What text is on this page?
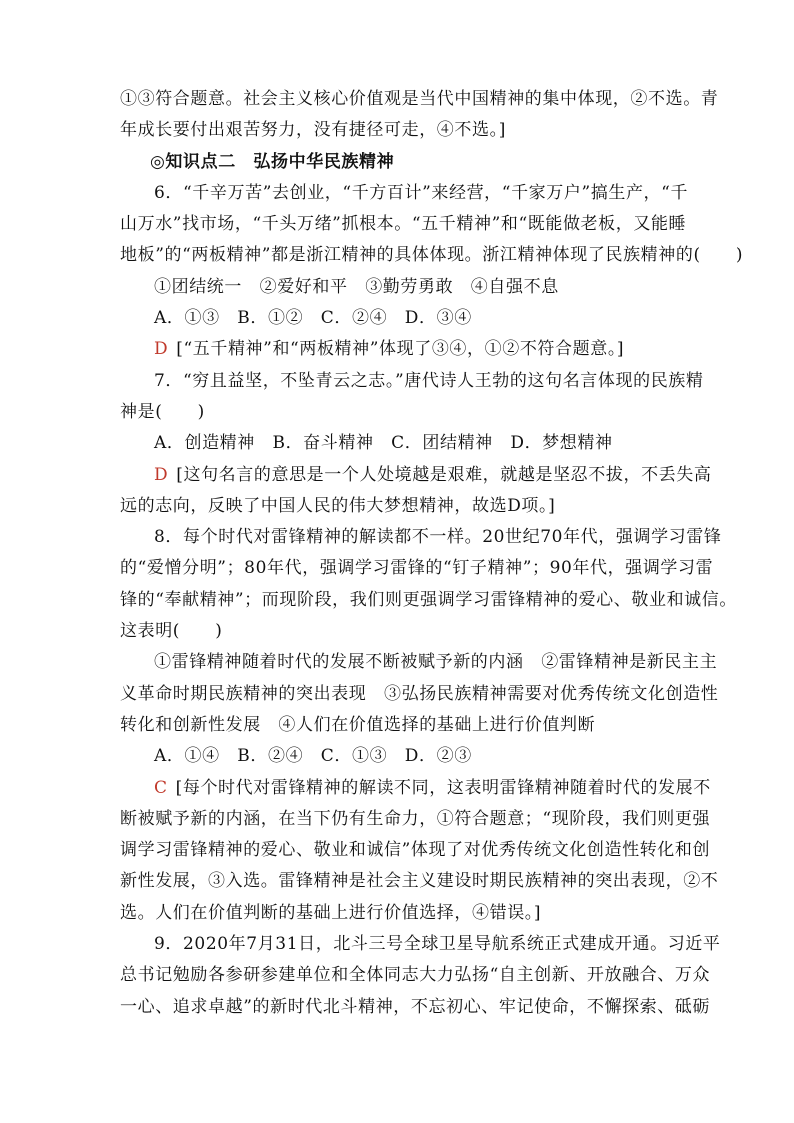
①③符合题意。社会主义核心价值观是当代中国精神的集中体现，②不选。青
年成长要付出艰苦努力，没有捷径可走，④不选。]
◎知识点二　弘扬中华民族精神
6．“千辛万苦”去创业，“千方百计”来经营，“千家万户”搞生产，“千
山万水”找市场，“千头万绪”抓根本。“五千精神”和“既能做老板，又能睡
地板”的“两板精神”都是浙江精神的具体体现。浙江精神体现了民族精神的(　　)
①团结统一　②爱好和平　③勤劳勇敢　④自强不息
A．①③　B．①②　C．②④　D．③④
D [“五千精神”和“两板精神”体现了③④，①②不符合题意。]
7．“穷且益坚，不坠青云之志。”唐代诗人王勃的这句名言体现的民族精
神是(　　)
A．创造精神　B．奋斗精神　C．团结精神　D．梦想精神
D [这句名言的意思是一个人处境越是艰难，就越是坚忍不拔，不丢失高
远的志向，反映了中国人民的伟大梦想精神，故选D项。]
8．每个时代对雷锋精神的解读都不一样。20世纪70年代，强调学习雷锋
的“爱憎分明”；80年代，强调学习雷锋的“钉子精神”；90年代，强调学习雷
锋的“奉献精神”；而现阶段，我们则更强调学习雷锋精神的爱心、敬业和诚信。
这表明(　　)
①雷锋精神随着时代的发展不断被赋予新的内涵　②雷锋精神是新民主主
义革命时期民族精神的突出表现　③弘扬民族精神需要对优秀传统文化创造性
转化和创新性发展　④人们在价值选择的基础上进行价值判断
A．①④　B．②④　C．①③　D．②③
C [每个时代对雷锋精神的解读不同，这表明雷锋精神随着时代的发展不
断被赋予新的内涵，在当下仍有生命力，①符合题意；“现阶段，我们则更强
调学习雷锋精神的爱心、敬业和诚信”体现了对优秀传统文化创造性转化和创
新性发展，③入选。雷锋精神是社会主义建设时期民族精神的突出表现，②不
选。人们在价值判断的基础上进行价值选择，④错误。]
9．2020年7月31日，北斗三号全球卫星导航系统正式建成开通。习近平
总书记勉励各参研参建单位和全体同志大力弘扬“自主创新、开放融合、万众
一心、追求卓越”的新时代北斗精神，不忘初心、牢记使命，不懈探索、砥砺
